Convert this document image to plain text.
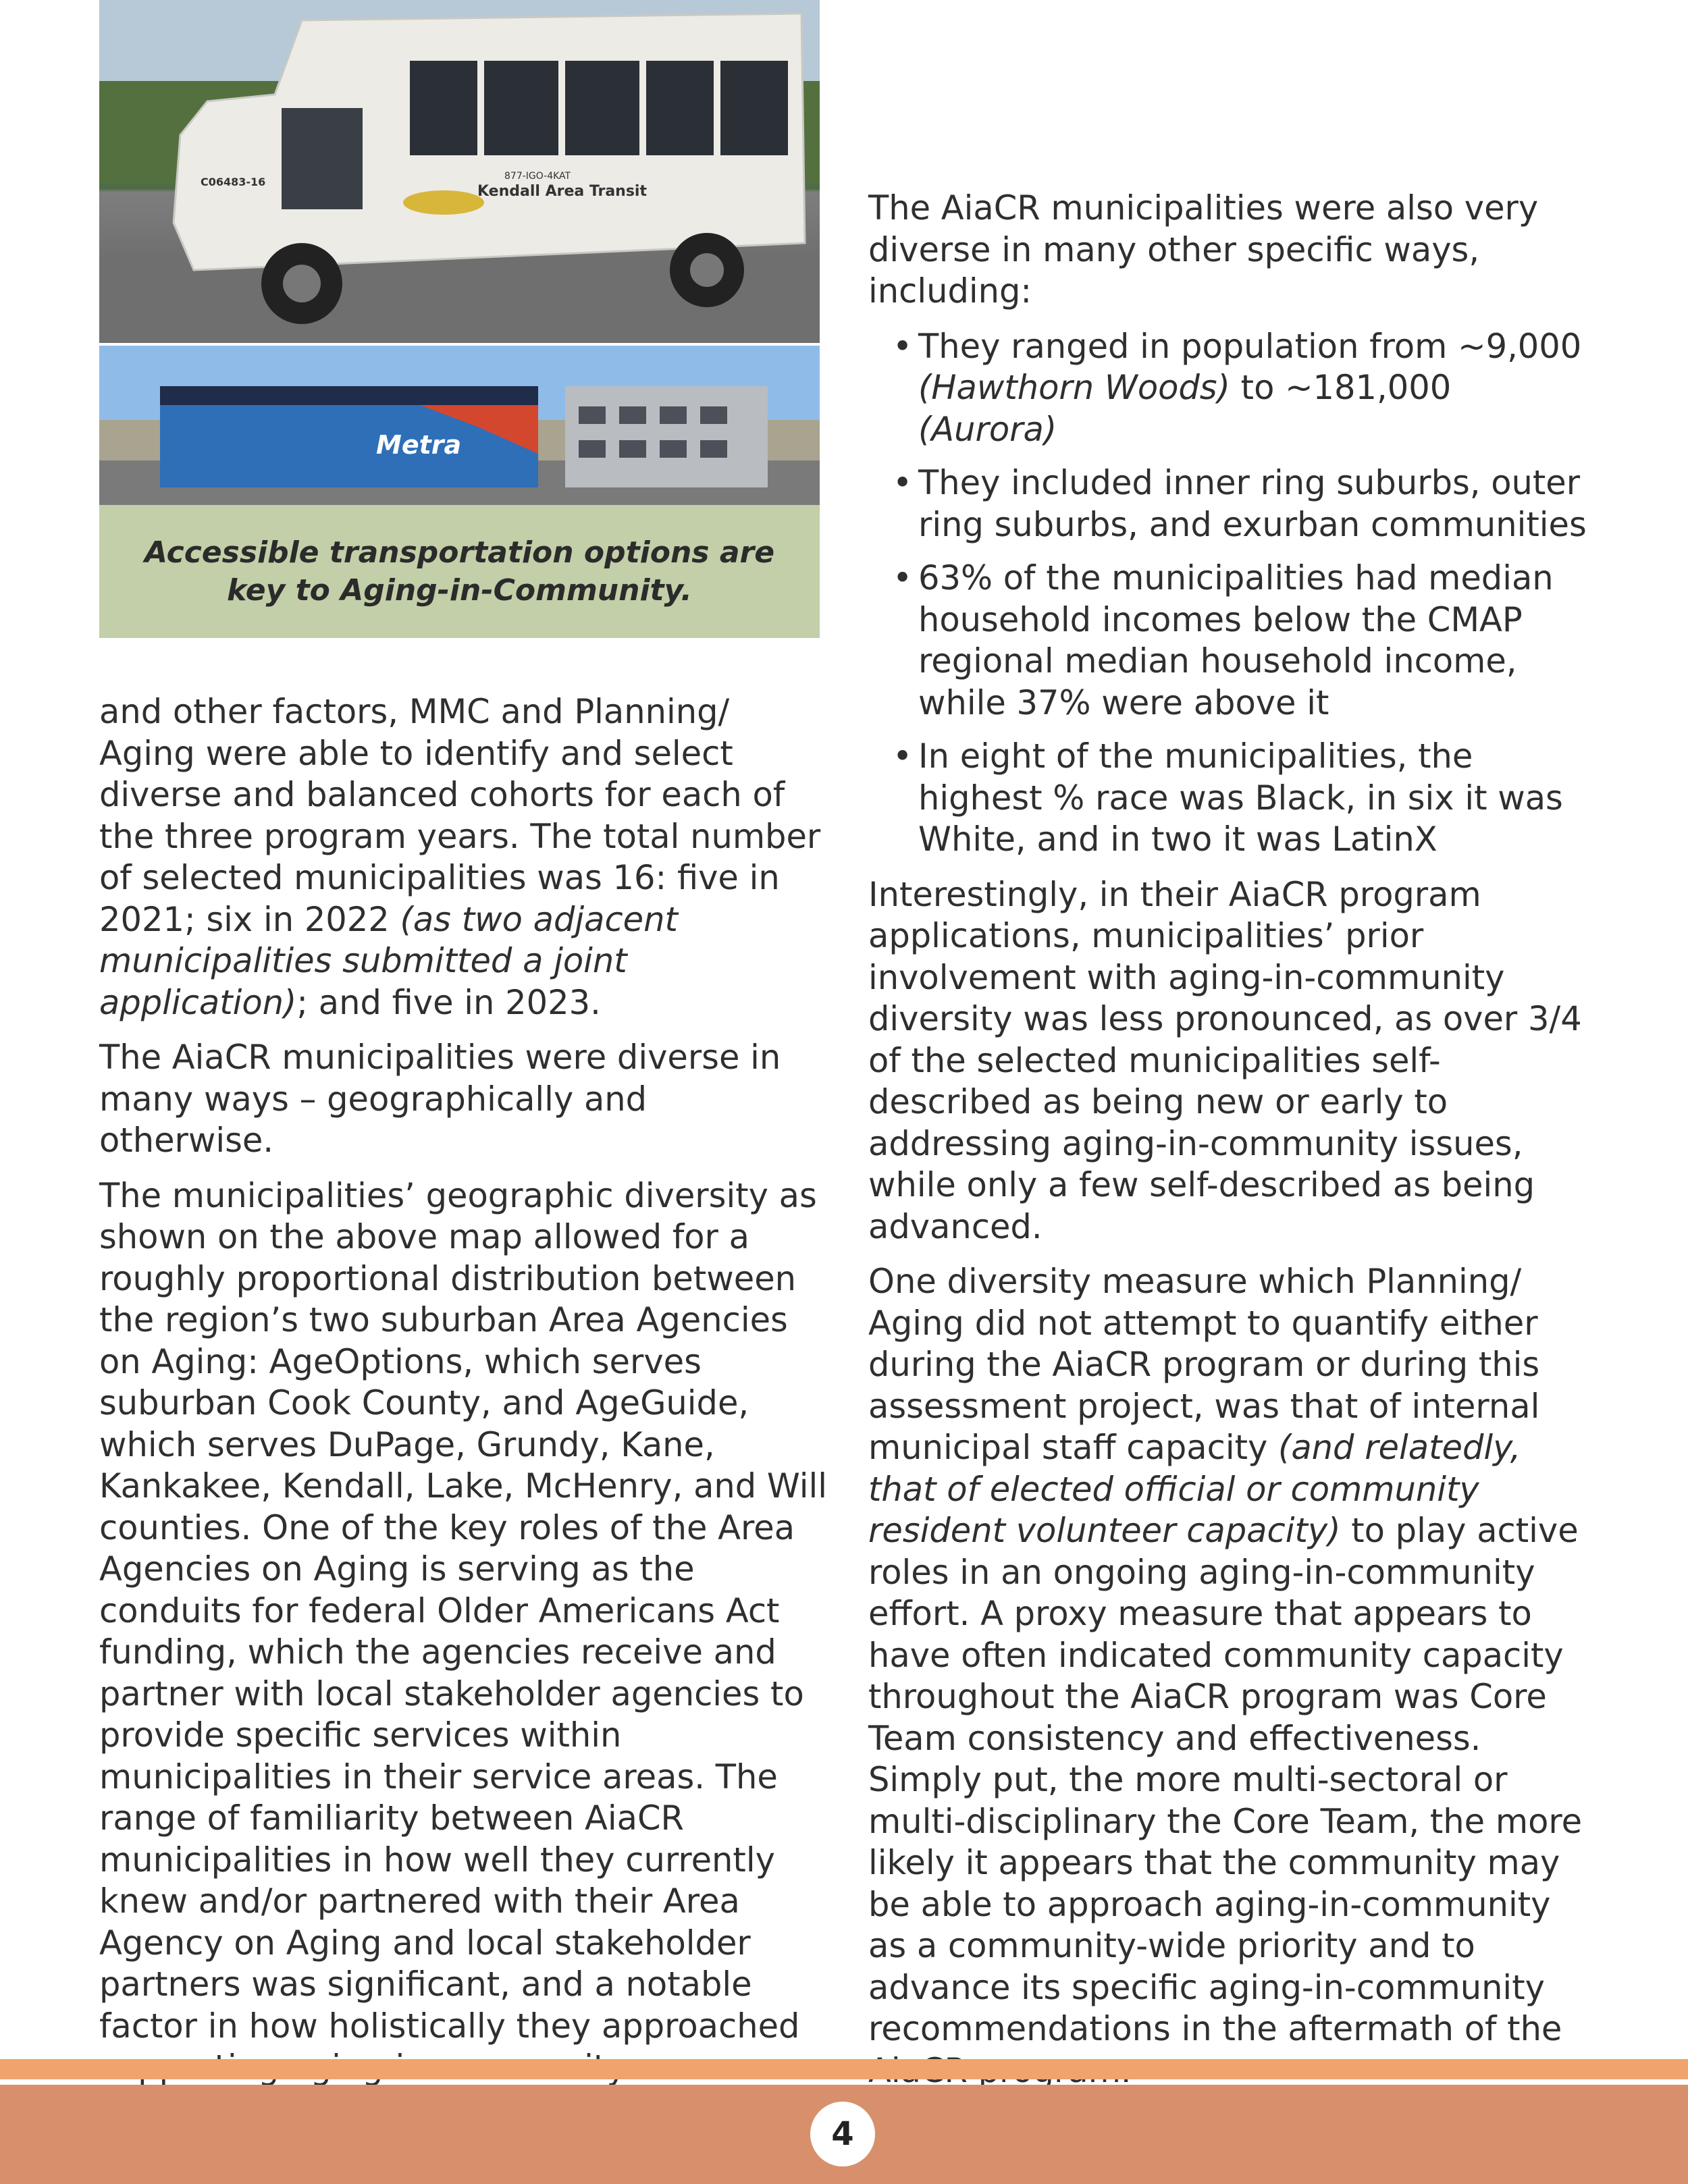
Kendall Area Transit
877-IGO-4KAT
C06483-16
Metra
Accessible transportation options are key to Aging-in-Community.

and other factors, MMC and Planning/ Aging were able to identify and select diverse and balanced cohorts for each of the three program years. The total number of selected municipalities was 16: five in 2021; six in 2022 (as two adjacent municipalities submitted a joint application); and five in 2023.

The AiaCR municipalities were diverse in many ways – geographically and otherwise.

The municipalities’ geographic diversity as shown on the above map allowed for a roughly proportional distribution between the region’s two suburban Area Agencies on Aging: AgeOptions, which serves suburban Cook County, and AgeGuide, which serves DuPage, Grundy, Kane, Kankakee, Kendall, Lake, McHenry, and Will counties. One of the key roles of the Area Agencies on Aging is serving as the conduits for federal Older Americans Act funding, which the agencies receive and partner with local stakeholder agencies to provide specific services within municipalities in their service areas. The range of familiarity between AiaCR municipalities in how well they currently knew and/or partnered with their Area Agency on Aging and local stakeholder partners was significant, and a notable factor in how holistically they approached

The AiaCR municipalities were also very diverse in many other specific ways, including:

• They ranged in population from ~9,000 (Hawthorn Woods) to ~181,000 (Aurora)
• They included inner ring suburbs, outer ring suburbs, and exurban communities
• 63% of the municipalities had median household incomes below the CMAP regional median household income, while 37% were above it
• In eight of the municipalities, the highest % race was Black, in six it was White, and in two it was LatinX

Interestingly, in their AiaCR program applications, municipalities’ prior involvement with aging-in-community diversity was less pronounced, as over 3/4 of the selected municipalities self-described as being new or early to addressing aging-in-community issues, while only a few self-described as being advanced.

One diversity measure which Planning/ Aging did not attempt to quantify either during the AiaCR program or during this assessment project, was that of internal municipal staff capacity (and relatedly, that of elected official or community resident volunteer capacity) to play active roles in an ongoing aging-in-community effort. A proxy measure that appears to have often indicated community capacity throughout the AiaCR program was Core Team consistency and effectiveness. Simply put, the more multi-sectoral or multi-disciplinary the Core Team, the more likely it appears that the community may be able to approach aging-in-community as a community-wide priority and to advance its specific aging-in-community recommendations in the aftermath of the

4
